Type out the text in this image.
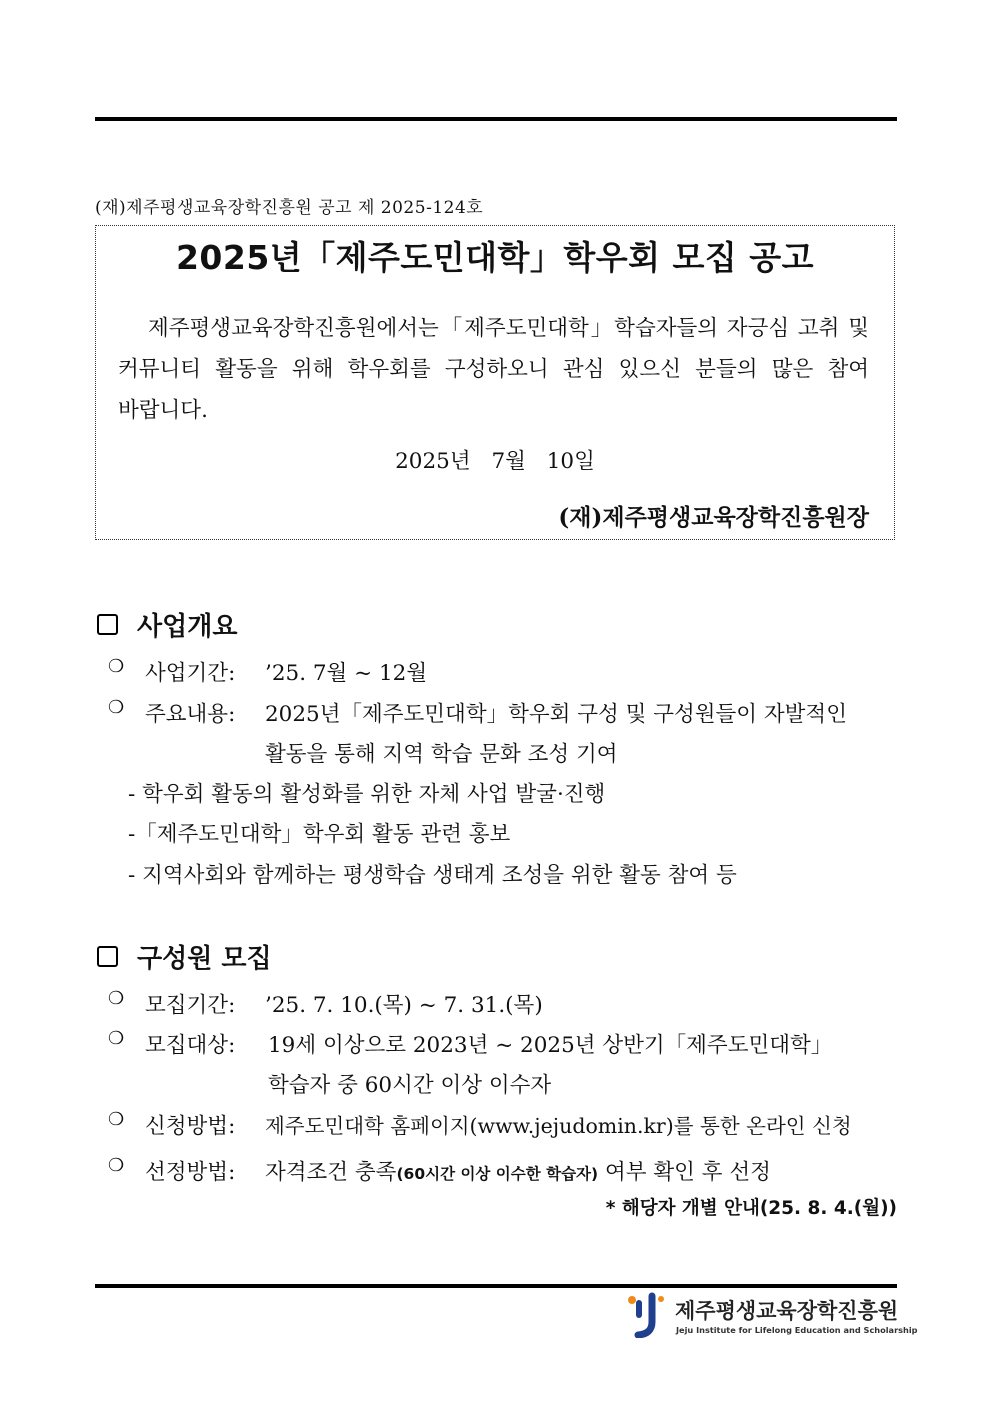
(재)제주평생교육장학진흥원 공고 제 2025-124호
2025년「제주도민대학」학우회 모집 공고
제주평생교육장학진흥원에서는「제주도민대학」학습자들의 자긍심 고취 및 커뮤니티 활동을 위해 학우회를 구성하오니 관심 있으신 분들의 많은 참여 바랍니다.
2025년 7월 10일
(재)제주평생교육장학진흥원장
사업개요
❍ 사업기간: ’25. 7월 ~ 12월
❍ 주요내용: 2025년「제주도민대학」학우회 구성 및 구성원들이 자발적인
활동을 통해 지역 학습 문화 조성 기여
- 학우회 활동의 활성화를 위한 자체 사업 발굴·진행
-「제주도민대학」학우회 활동 관련 홍보
- 지역사회와 함께하는 평생학습 생태계 조성을 위한 활동 참여 등
구성원 모집
❍ 모집기간: ’25. 7. 10.(목) ~ 7. 31.(목)
❍ 모집대상: 19세 이상으로 2023년 ~ 2025년 상반기「제주도민대학」
학습자 중 60시간 이상 이수자
❍ 신청방법: 제주도민대학 홈페이지(www.jejudomin.kr)를 통한 온라인 신청
❍ 선정방법: 자격조건 충족(60시간 이상 이수한 학습자) 여부 확인 후 선정
* 해당자 개별 안내(25. 8. 4.(월))
제주평생교육장학진흥원
Jeju Institute for Lifelong Education and Scholarship
